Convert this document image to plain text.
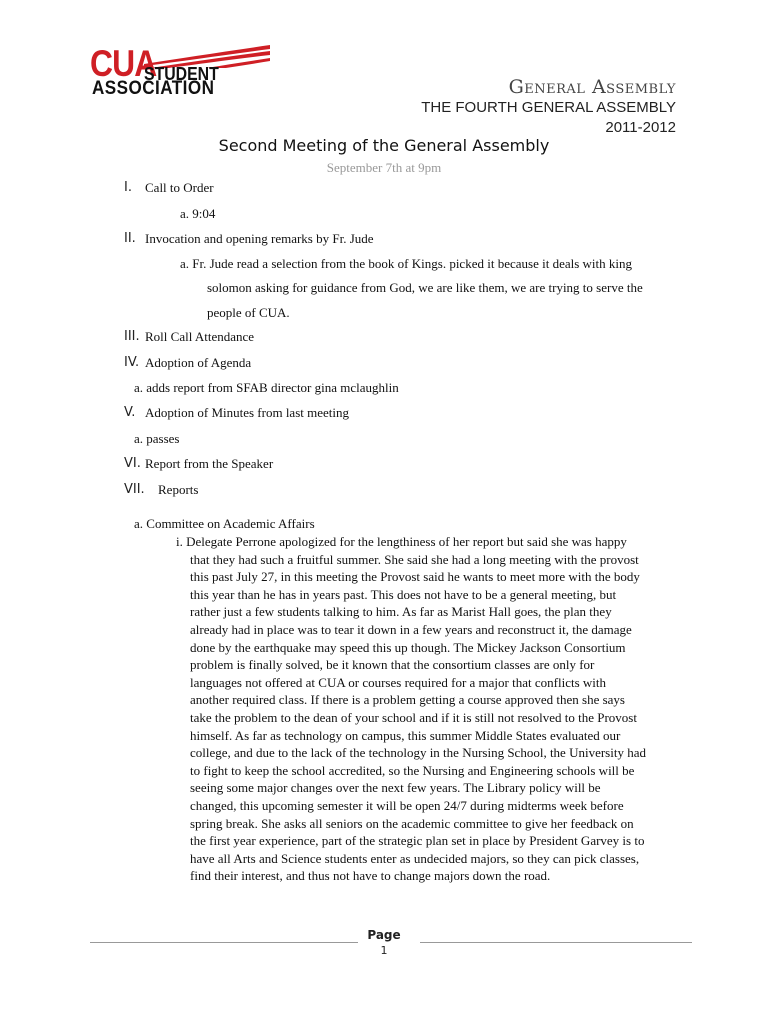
CUA
STUDENT
ASSOCIATION	General Assembly
THE FOURTH GENERAL ASSEMBLY
2011-2012
Second Meeting of the General Assembly
September 7th at 9pm
I. Call to Order
a. 9:04
II. Invocation and opening remarks by Fr. Jude
a. Fr. Jude read a selection from the book of Kings. picked it because it deals with king
solomon asking for guidance from God, we are like them, we are trying to serve the
people of CUA.
III. Roll Call Attendance
IV. Adoption of Agenda
a. adds report from SFAB director gina mclaughlin
V. Adoption of Minutes from last meeting
a. passes
VI. Report from the Speaker
VII. Reports
a. Committee on Academic Affairs
i. Delegate Perrone apologized for the lengthiness of her report but said she was happy
that they had such a fruitful summer. She said she had a long meeting with the provost
this past July 27, in this meeting the Provost said he wants to meet more with the body
this year than he has in years past. This does not have to be a general meeting, but
rather just a few students talking to him. As far as Marist Hall goes, the plan they
already had in place was to tear it down in a few years and reconstruct it, the damage
done by the earthquake may speed this up though. The Mickey Jackson Consortium
problem is finally solved, be it known that the consortium classes are only for
languages not offered at CUA or courses required for a major that conflicts with
another required class. If there is a problem getting a course approved then she says
take the problem to the dean of your school and if it is still not resolved to the Provost
himself. As far as technology on campus, this summer Middle States evaluated our
college, and due to the lack of the technology in the Nursing School, the University had
to fight to keep the school accredited, so the Nursing and Engineering schools will be
seeing some major changes over the next few years. The Library policy will be
changed, this upcoming semester it will be open 24/7 during midterms week before
spring break. She asks all seniors on the academic committee to give her feedback on
the first year experience, part of the strategic plan set in place by President Garvey is to
have all Arts and Science students enter as undecided majors, so they can pick classes,
find their interest, and thus not have to change majors down the road.
Page
1
